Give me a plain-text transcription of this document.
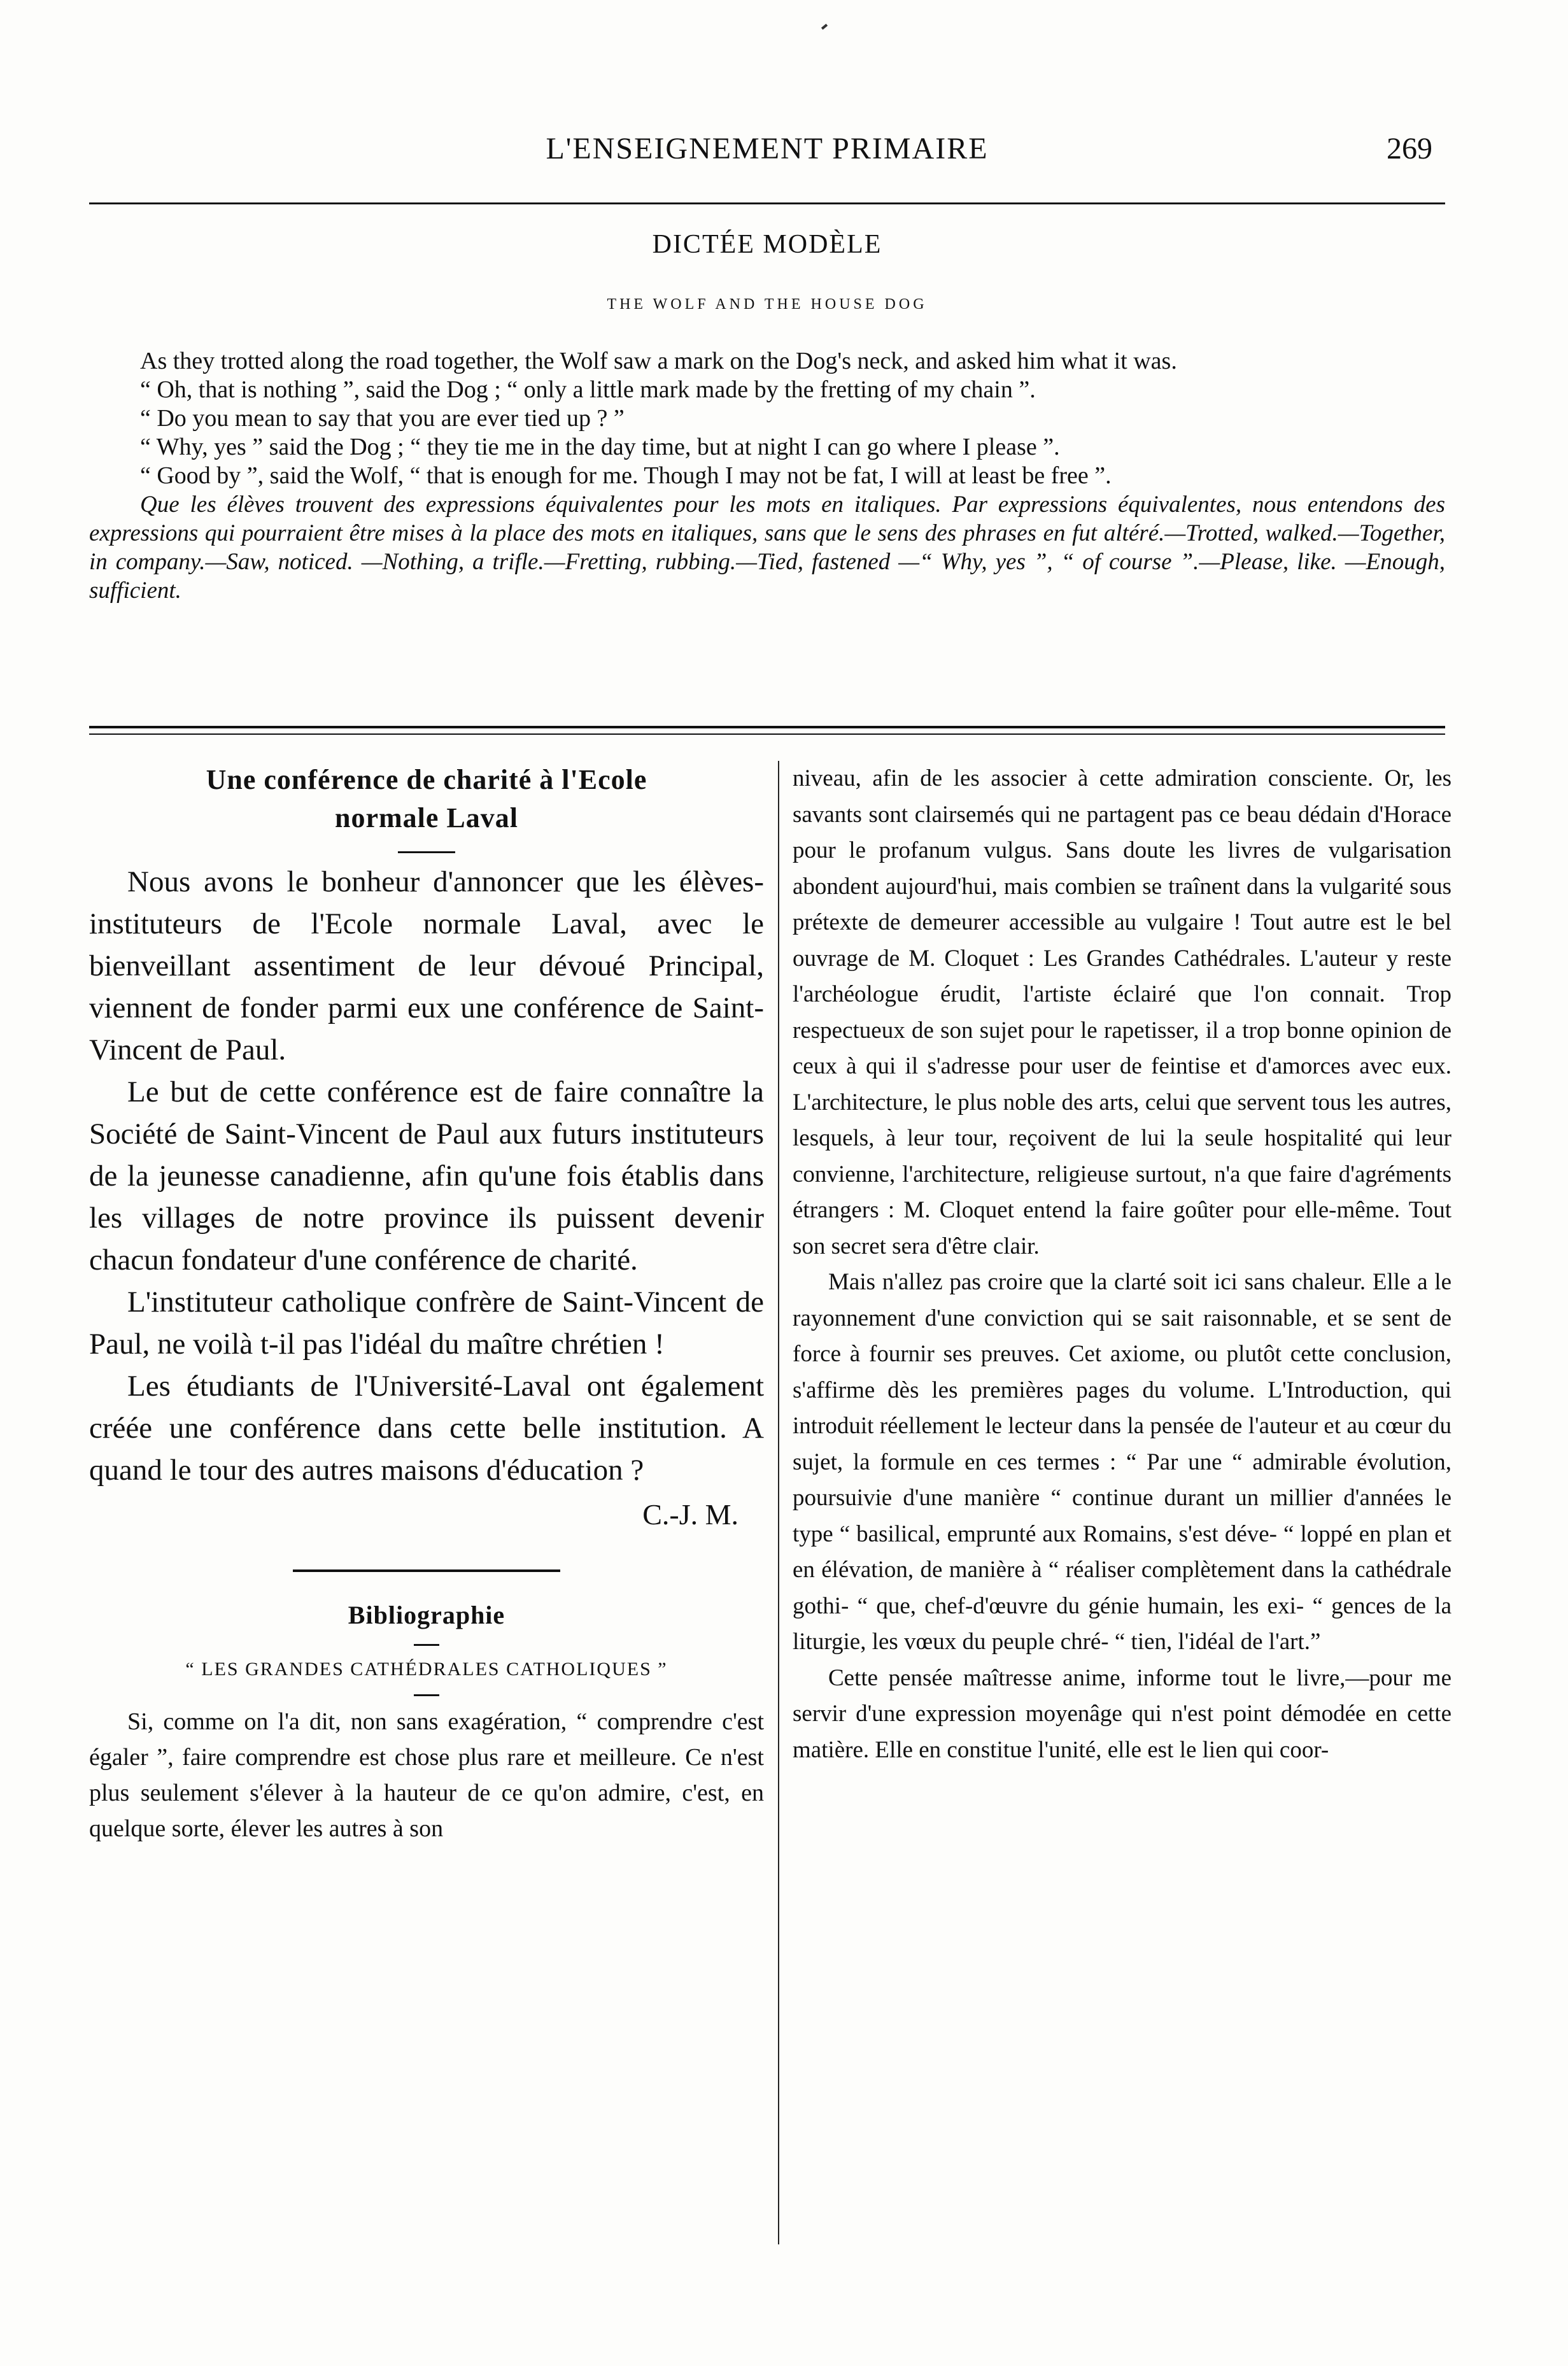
L'ENSEIGNEMENT PRIMAIRE	269
DICTÉE MODÈLE
THE WOLF AND THE HOUSE DOG

As they trotted along the road together, the Wolf saw a mark on the Dog's neck, and asked him what it was.

“ Oh, that is nothing ”, said the Dog ; “ only a little mark made by the fretting of my chain ”.

“ Do you mean to say that you are ever tied up ? ”

“ Why, yes ” said the Dog ; “ they tie me in the day time, but at night I can go where I please ”.

“ Good by ”, said the Wolf, “ that is enough for me. Though I may not be fat, I will at least be free ”.

Que les élèves trouvent des expressions équivalentes pour les mots en italiques. Par expressions équivalentes, nous entendons des expressions qui pourraient être mises à la place des mots en italiques, sans que le sens des phrases en fut altéré.—Trotted, walked.—Together, in company.—Saw, noticed. —Nothing, a trifle.—Fretting, rubbing.—Tied, fastened —“ Why, yes ”, “ of course ”.—Please, like. —Enough, sufficient.

Une conférence de charité à l'Ecole
normale Laval

Nous avons le bonheur d'annoncer que les élèves-instituteurs de l'Ecole normale Laval, avec le bienveillant assentiment de leur dévoué Principal, viennent de fonder parmi eux une conférence de Saint-Vincent de Paul.

Le but de cette conférence est de faire connaître la Société de Saint-Vincent de Paul aux futurs instituteurs de la jeunesse canadienne, afin qu'une fois établis dans les villages de notre province ils puissent devenir chacun fondateur d'une conférence de charité.

L'instituteur catholique confrère de Saint-Vincent de Paul, ne voilà t-il pas l'idéal du maître chrétien !

Les étudiants de l'Université-Laval ont également créée une conférence dans cette belle institution. A quand le tour des autres maisons d'éducation ?

C.-J. M.
Bibliographie
“ LES GRANDES CATHÉDRALES CATHOLIQUES ”

Si, comme on l'a dit, non sans exagération, “ comprendre c'est égaler ”, faire comprendre est chose plus rare et meilleure. Ce n'est plus seulement s'élever à la hauteur de ce qu'on admire, c'est, en quelque sorte, élever les autres à son

niveau, afin de les associer à cette admiration consciente. Or, les savants sont clairsemés qui ne partagent pas ce beau dédain d'Horace pour le profanum vulgus. Sans doute les livres de vulgarisation abondent aujourd'hui, mais combien se traînent dans la vulgarité sous prétexte de demeurer accessible au vulgaire ! Tout autre est le bel ouvrage de M. Cloquet : Les Grandes Cathédrales. L'auteur y reste l'archéologue érudit, l'artiste éclairé que l'on connait. Trop respectueux de son sujet pour le rapetisser, il a trop bonne opinion de ceux à qui il s'adresse pour user de feintise et d'amorces avec eux. L'architecture, le plus noble des arts, celui que servent tous les autres, lesquels, à leur tour, reçoivent de lui la seule hospitalité qui leur convienne, l'architecture, religieuse surtout, n'a que faire d'agréments étrangers : M. Cloquet entend la faire goûter pour elle-même. Tout son secret sera d'être clair.

Mais n'allez pas croire que la clarté soit ici sans chaleur. Elle a le rayonnement d'une conviction qui se sait raisonnable, et se sent de force à fournir ses preuves. Cet axiome, ou plutôt cette conclusion, s'affirme dès les premières pages du volume. L'Introduction, qui introduit réellement le lecteur dans la pensée de l'auteur et au cœur du sujet, la formule en ces termes : “ Par une “ admirable évolution, poursuivie d'une manière “ continue durant un millier d'années le type “ basilical, emprunté aux Romains, s'est déve- “ loppé en plan et en élévation, de manière à “ réaliser complètement dans la cathédrale gothi- “ que, chef-d'œuvre du génie humain, les exi- “ gences de la liturgie, les vœux du peuple chré- “ tien, l'idéal de l'art.”

Cette pensée maîtresse anime, informe tout le livre,—pour me servir d'une expression moyenâge qui n'est point démodée en cette matière. Elle en constitue l'unité, elle est le lien qui coor-
